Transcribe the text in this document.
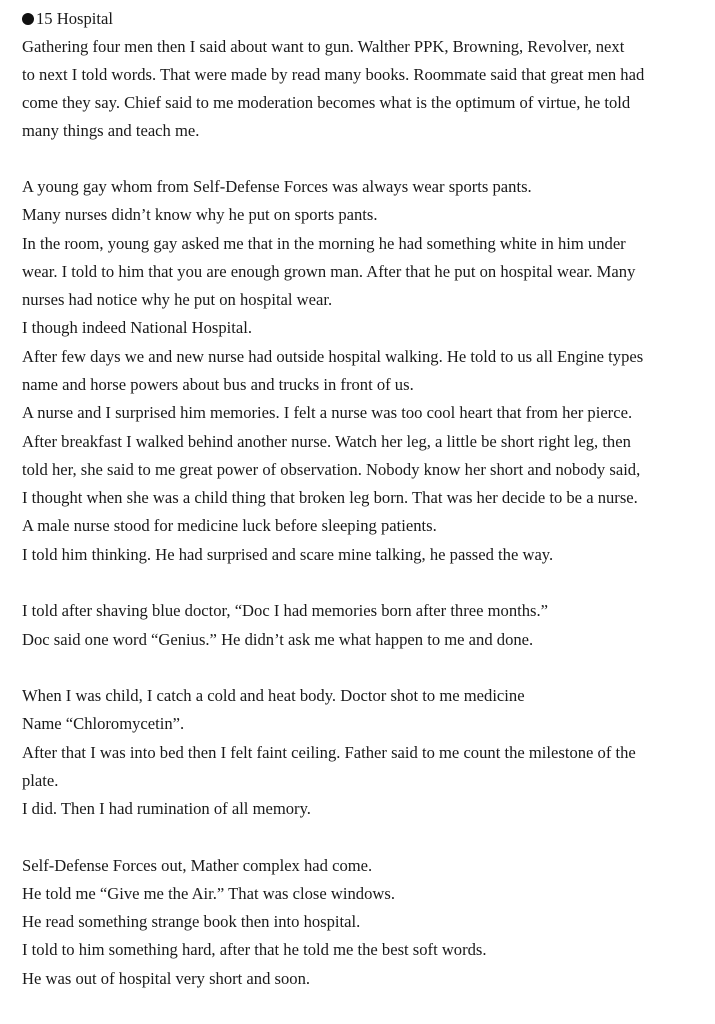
15 Hospital
Gathering four men then I said about want to gun. Walther PPK, Browning, Revolver, next
to next I told words. That were made by read many books. Roommate said that great men had
come they say. Chief said to me moderation becomes what is the optimum of virtue, he told
many things and teach me.
A young gay whom from Self-Defense Forces was always wear sports pants.
Many nurses didn’t know why he put on sports pants.
In the room, young gay asked me that in the morning he had something white in him under
wear. I told to him that you are enough grown man. After that he put on hospital wear. Many
nurses had notice why he put on hospital wear.
I though indeed National Hospital.
After few days we and new nurse had outside hospital walking. He told to us all Engine types
name and horse powers about bus and trucks in front of us.
A nurse and I surprised him memories. I felt a nurse was too cool heart that from her pierce.
After breakfast I walked behind another nurse. Watch her leg, a little be short right leg, then
told her, she said to me great power of observation. Nobody know her short and nobody said,
I thought when she was a child thing that broken leg born. That was her decide to be a nurse.
A male nurse stood for medicine luck before sleeping patients.
I told him thinking. He had surprised and scare mine talking, he passed the way.
I told after shaving blue doctor, “Doc I had memories born after three months.”
Doc said one word “Genius.” He didn’t ask me what happen to me and done.
When I was child, I catch a cold and heat body. Doctor shot to me medicine
Name “Chloromycetin”.
After that I was into bed then I felt faint ceiling. Father said to me count the milestone of the
plate.
I did. Then I had rumination of all memory.
Self-Defense Forces out, Mather complex had come.
He told me “Give me the Air.” That was close windows.
He read something strange book then into hospital.
I told to him something hard, after that he told me the best soft words.
He was out of hospital very short and soon.
